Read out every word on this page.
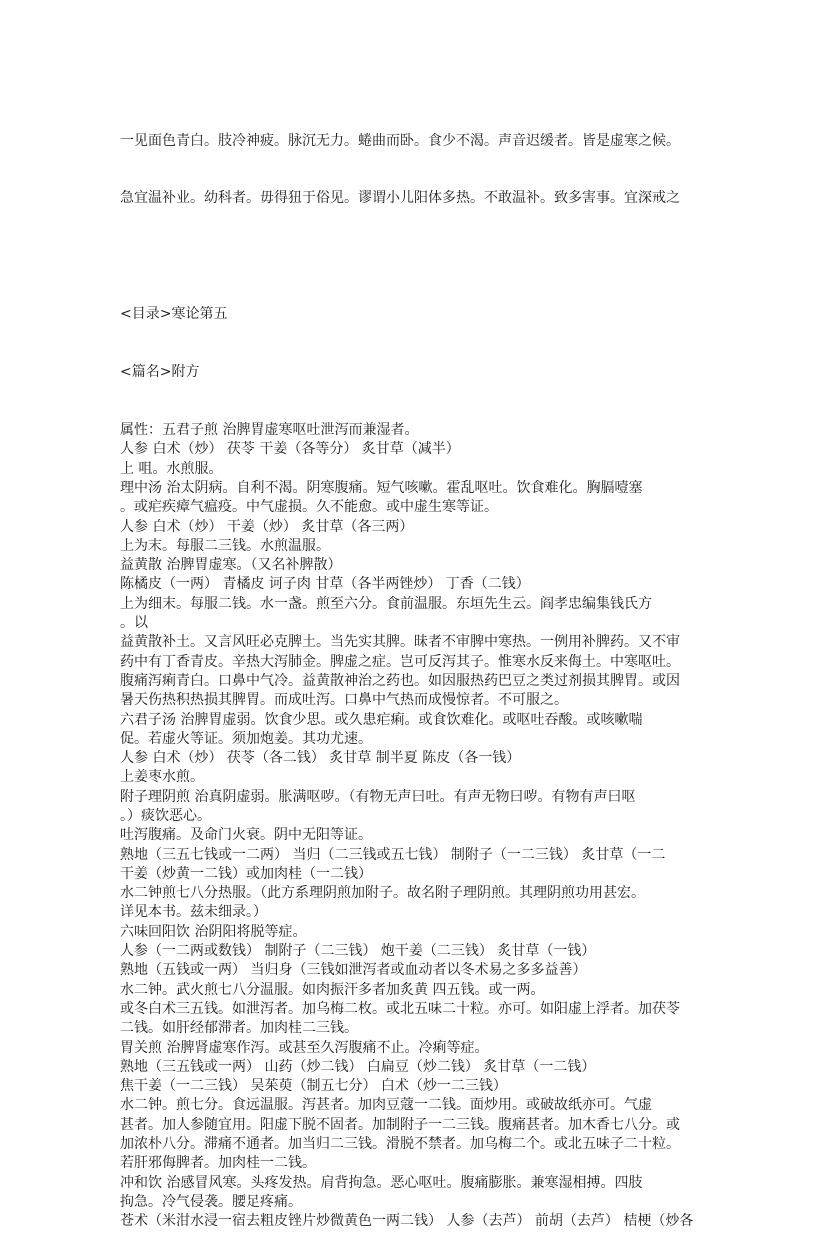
一见面色青白。肢冷神疲。脉沉无力。蜷曲而卧。食少不渴。声音迟缓者。皆是虚寒之候。

急宜温补业。幼科者。毋得狃于俗见。谬谓小儿阳体多热。不敢温补。致多害事。宜深戒之

<目录>寒论第五

<篇名>附方

属性：五君子煎 治脾胃虚寒呕吐泄泻而兼湿者。
人参 白术（炒） 茯苓 干姜（各等分） 炙甘草（减半）
上 咀。水煎服。
理中汤 治太阴病。自利不渴。阴寒腹痛。短气咳嗽。霍乱呕吐。饮食难化。胸膈噎塞
。或疟疾瘴气瘟疫。中气虚损。久不能愈。或中虚生寒等证。
人参 白术（炒） 干姜（炒） 炙甘草（各三两）
上为末。每服二三钱。水煎温服。
益黄散 治脾胃虚寒。（又名补脾散）
陈橘皮（一两） 青橘皮 诃子肉 甘草（各半两锉炒） 丁香（二钱）
上为细末。每服二钱。水一盏。煎至六分。食前温服。东垣先生云。阎孝忠编集钱氏方
。以
益黄散补土。又言风旺必克脾土。当先实其脾。昧者不审脾中寒热。一例用补脾药。又不审
药中有丁香青皮。辛热大泻肺金。脾虚之症。岂可反泻其子。惟寒水反来侮土。中寒呕吐。
腹痛泻痢青白。口鼻中气冷。益黄散神治之药也。如因服热药巴豆之类过剂损其脾胃。或因
暑天伤热积热损其脾胃。而成吐泻。口鼻中气热而成慢惊者。不可服之。
六君子汤 治脾胃虚弱。饮食少思。或久患疟痢。或食饮难化。或呕吐吞酸。或咳嗽喘
促。若虚火等证。须加炮姜。其功尤速。
人参 白术（炒） 茯苓（各二钱） 炙甘草 制半夏 陈皮（各一钱）
上姜枣水煎。
附子理阴煎 治真阴虚弱。胀满呕哕。（有物无声曰吐。有声无物曰哕。有物有声曰呕
。）痰饮恶心。
吐泻腹痛。及命门火衰。阴中无阳等证。
熟地（三五七钱或一二两） 当归（二三钱或五七钱） 制附子（一二三钱） 炙甘草（一二
干姜（炒黄一二钱）或加肉桂（一二钱）
水二钟煎七八分热服。（此方系理阴煎加附子。故名附子理阴煎。其理阴煎功用甚宏。
详见本书。兹未细录。）
六味回阳饮 治阴阳将脱等症。
人参（一二两或数钱） 制附子（二三钱） 炮干姜（二三钱） 炙甘草（一钱）
熟地（五钱或一两） 当归身（三钱如泄泻者或血动者以冬术易之多多益善）
水二钟。武火煎七八分温服。如肉振汗多者加炙黄 四五钱。或一两。
或冬白术三五钱。如泄泻者。加乌梅二枚。或北五味二十粒。亦可。如阳虚上浮者。加茯苓
二钱。如肝经郁滞者。加肉桂二三钱。
胃关煎 治脾肾虚寒作泻。或甚至久泻腹痛不止。冷痢等症。
熟地（三五钱或一两） 山药（炒二钱） 白扁豆（炒二钱） 炙甘草（一二钱）
焦干姜（一二三钱） 吴茱萸（制五七分） 白术（炒一二三钱）
水二钟。煎七分。食远温服。泻甚者。加肉豆蔻一二钱。面炒用。或破故纸亦可。气虚
甚者。加人参随宜用。阳虚下脱不固者。加制附子一二三钱。腹痛甚者。加木香七八分。或
加浓朴八分。滞痛不通者。加当归二三钱。滑脱不禁者。加乌梅二个。或北五味子二十粒。
若肝邪侮脾者。加肉桂一二钱。
冲和饮 治感冒风寒。头疼发热。肩背拘急。恶心呕吐。腹痛膨胀。兼寒湿相搏。四肢
拘急。冷气侵袭。腰足疼痛。
苍术（米泔水浸一宿去粗皮锉片炒微黄色一两二钱） 人参（去芦） 前胡（去芦） 桔梗（炒各
